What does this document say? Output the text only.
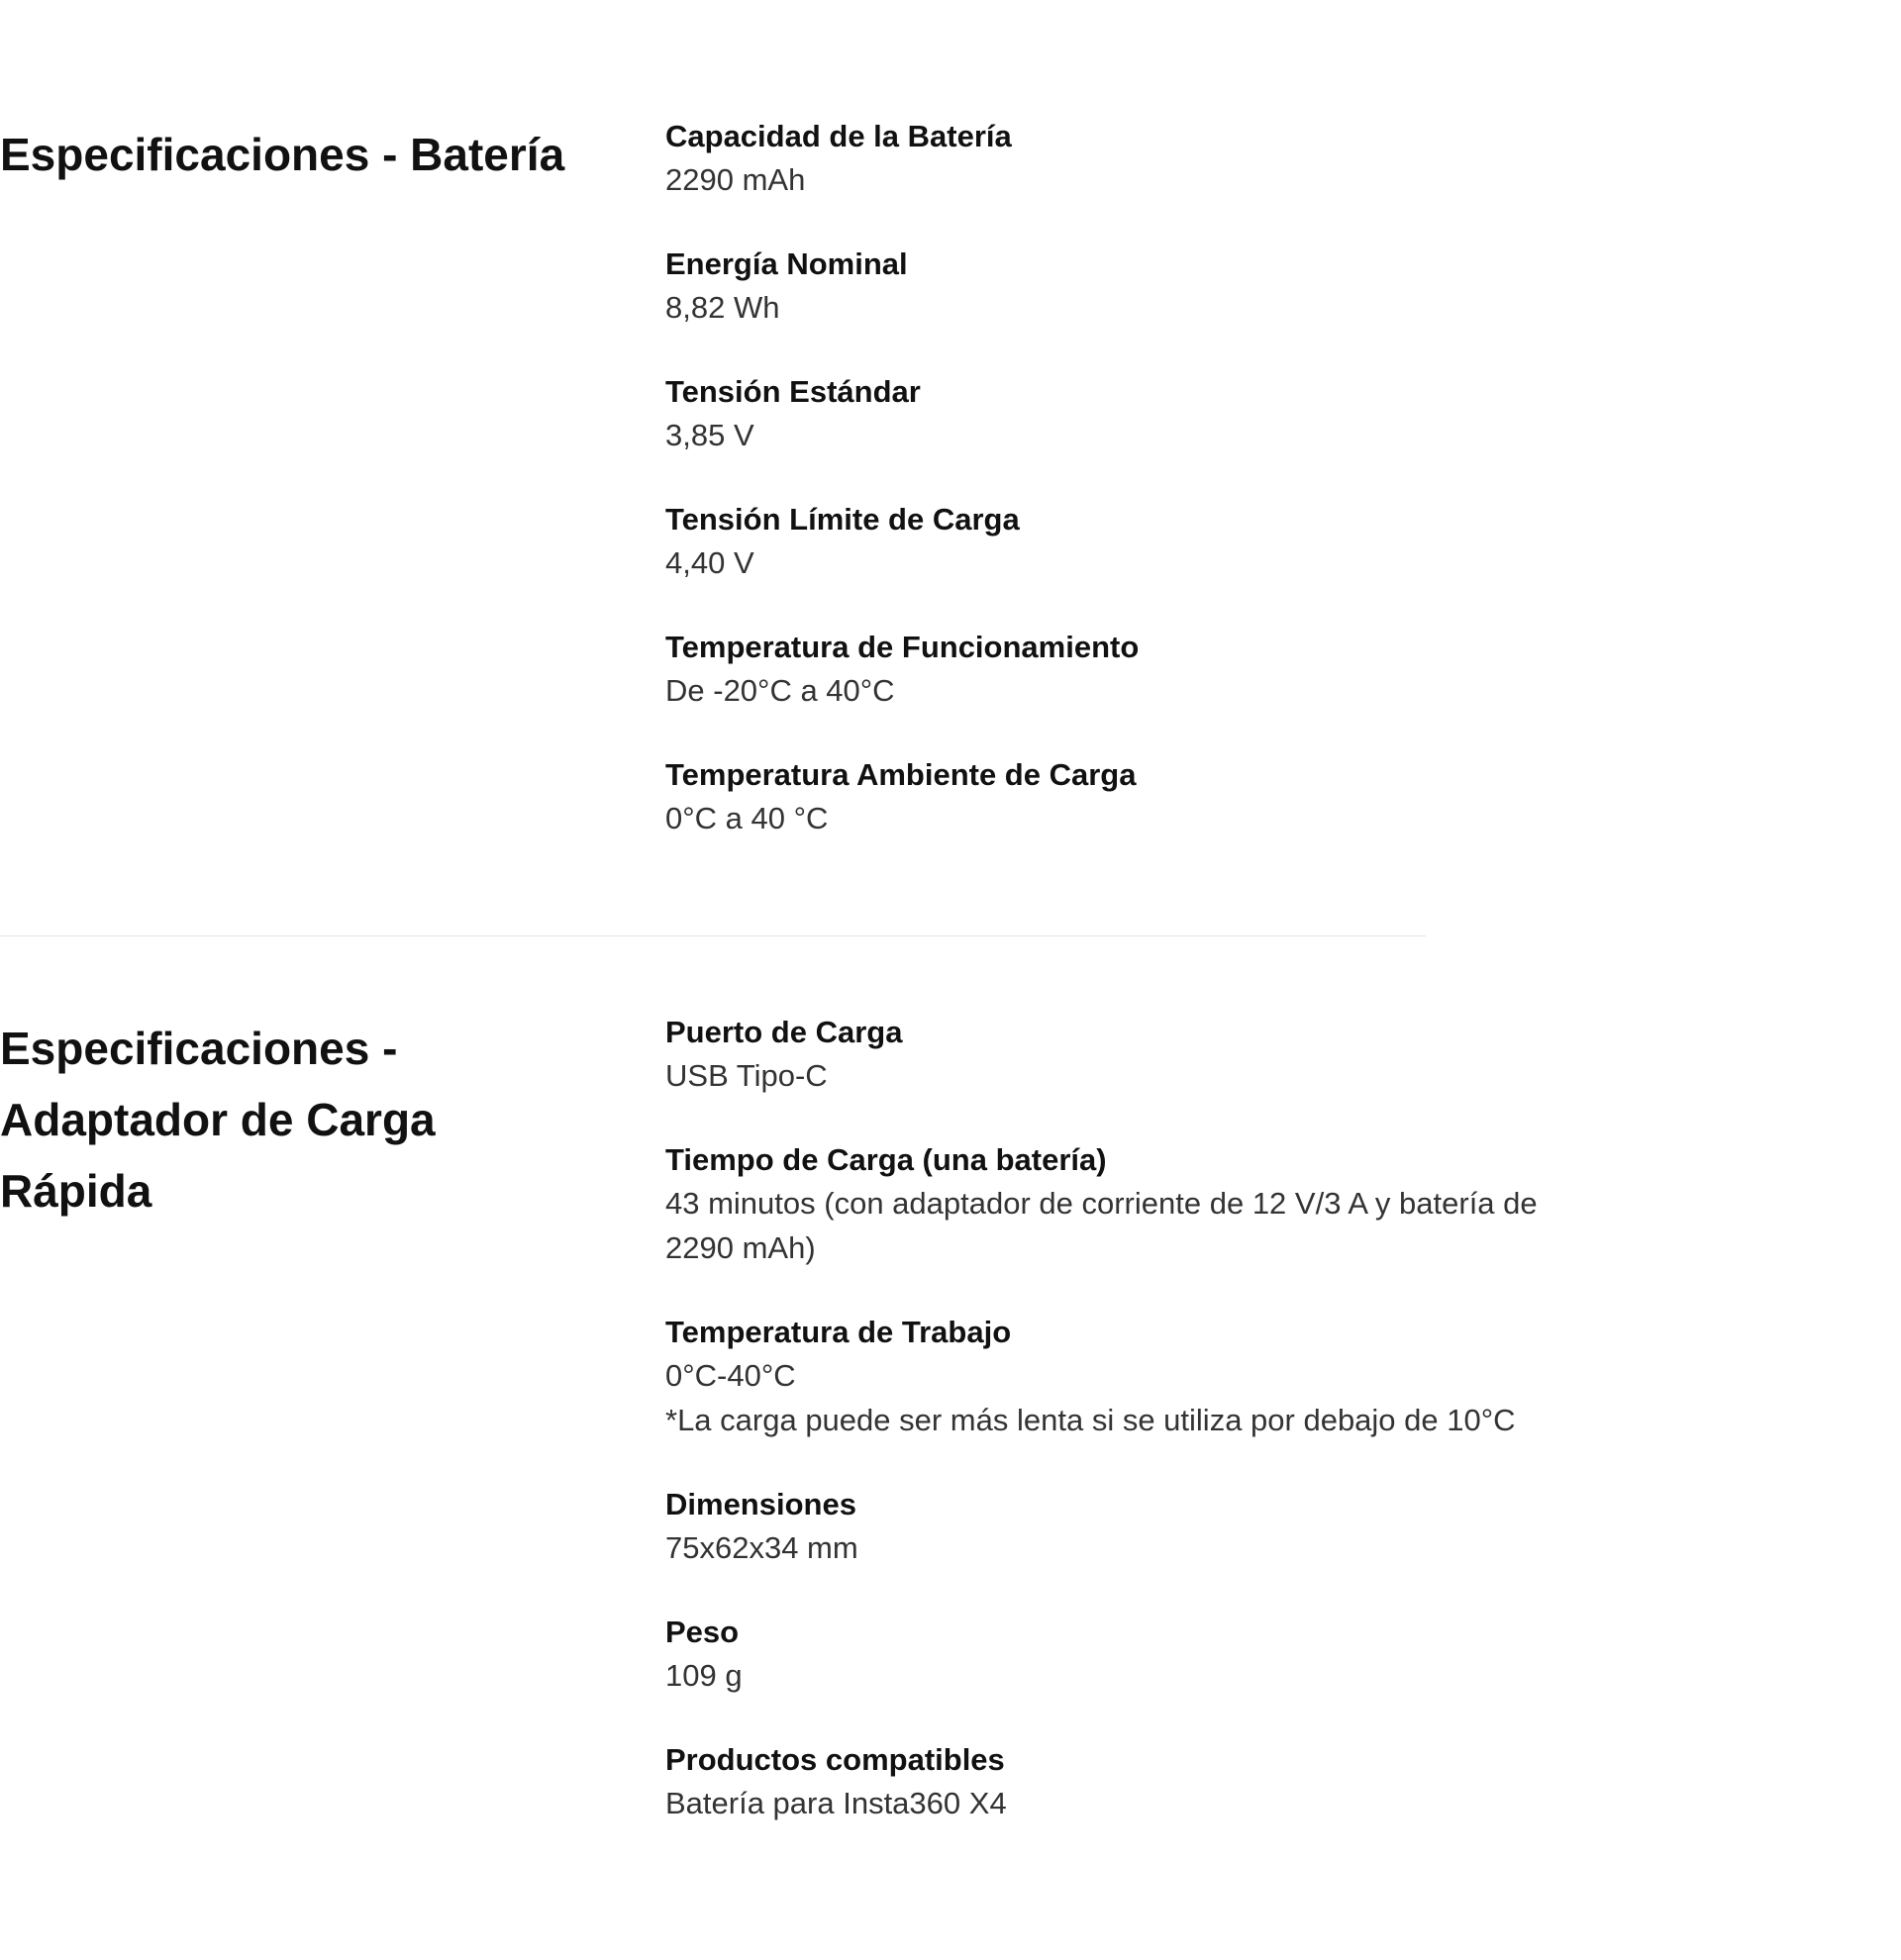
Especificaciones - Batería	Capacidad de la Batería
2290 mAh
Energía Nominal
8,82 Wh
Tensión Estándar
3,85 V
Tensión Límite de Carga
4,40 V
Temperatura de Funcionamiento
De -20°C a 40°C
Temperatura Ambiente de Carga
0°C a 40 °C
Especificaciones - Adaptador de Carga Rápida
Puerto de Carga
USB Tipo-C
Tiempo de Carga (una batería)
43 minutos (con adaptador de corriente de 12 V/3 A y batería de 2290 mAh)
Temperatura de Trabajo
0°C-40°C
*La carga puede ser más lenta si se utiliza por debajo de 10°C
Dimensiones
75x62x34 mm
Peso
109 g
Productos compatibles
Batería para Insta360 X4
